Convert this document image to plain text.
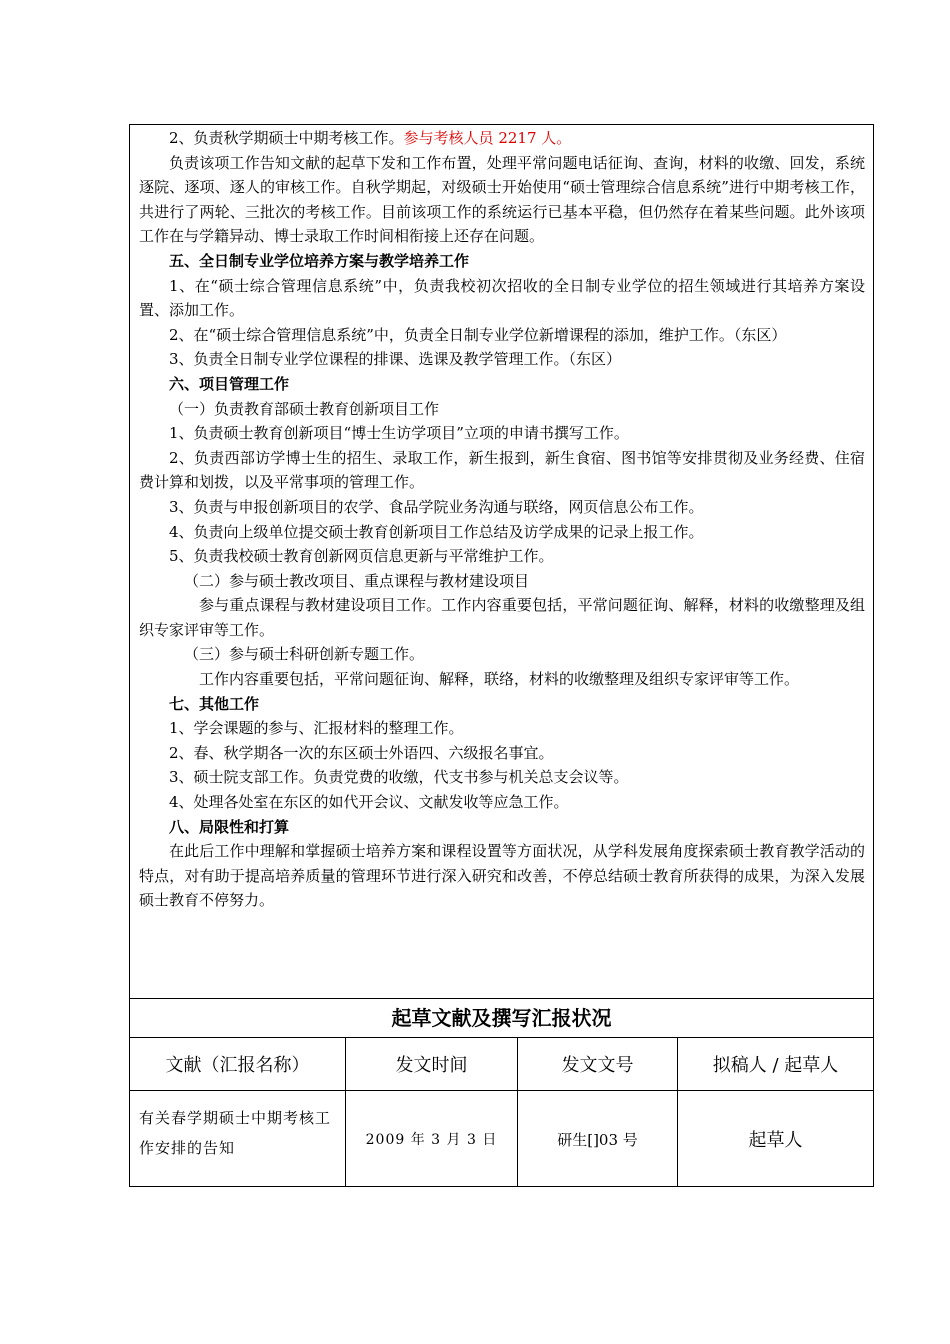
2、负责秋学期硕士中期考核工作。参与考核人员 2217 人。

负责该项工作告知文献的起草下发和工作布置，处理平常问题电话征询、查询，材料的收缴、回发，系统逐院、逐项、逐人的审核工作。自秋学期起，对级硕士开始使用“硕士管理综合信息系统”进行中期考核工作，共进行了两轮、三批次的考核工作。目前该项工作的系统运行已基本平稳，但仍然存在着某些问题。此外该项工作在与学籍异动、博士录取工作时间相衔接上还存在问题。

五、全日制专业学位培养方案与教学培养工作

1、在“硕士综合管理信息系统”中，负责我校初次招收的全日制专业学位的招生领域进行其培养方案设置、添加工作。

2、在“硕士综合管理信息系统”中，负责全日制专业学位新增课程的添加，维护工作。（东区）

3、负责全日制专业学位课程的排课、选课及教学管理工作。（东区）

六、项目管理工作

（一）负责教育部硕士教育创新项目工作

1、负责硕士教育创新项目“博士生访学项目”立项的申请书撰写工作。

2、负责西部访学博士生的招生、录取工作，新生报到，新生食宿、图书馆等安排贯彻及业务经费、住宿费计算和划拨，以及平常事项的管理工作。

3、负责与申报创新项目的农学、食品学院业务沟通与联络，网页信息公布工作。

4、负责向上级单位提交硕士教育创新项目工作总结及访学成果的记录上报工作。

5、负责我校硕士教育创新网页信息更新与平常维护工作。

（二）参与硕士教改项目、重点课程与教材建设项目

参与重点课程与教材建设项目工作。工作内容重要包括，平常问题征询、解释，材料的收缴整理及组织专家评审等工作。

（三）参与硕士科研创新专题工作。

工作内容重要包括，平常问题征询、解释，联络，材料的收缴整理及组织专家评审等工作。

七、其他工作

1、学会课题的参与、汇报材料的整理工作。

2、春、秋学期各一次的东区硕士外语四、六级报名事宜。

3、硕士院支部工作。负责党费的收缴，代支书参与机关总支会议等。

4、处理各处室在东区的如代开会议、文献发收等应急工作。

八、局限性和打算

在此后工作中理解和掌握硕士培养方案和课程设置等方面状况，从学科发展角度探索硕士教育教学活动的特点，对有助于提高培养质量的管理环节进行深入研究和改善，不停总结硕士教育所获得的成果，为深入发展硕士教育不停努力。

起草文献及撰写汇报状况
文献（汇报名称）	发文时间	发文文号	拟稿人 / 起草人
有关春学期硕士中期考核工作安排的告知	2009 年 3 月 3 日	研生[]03 号	起草人
